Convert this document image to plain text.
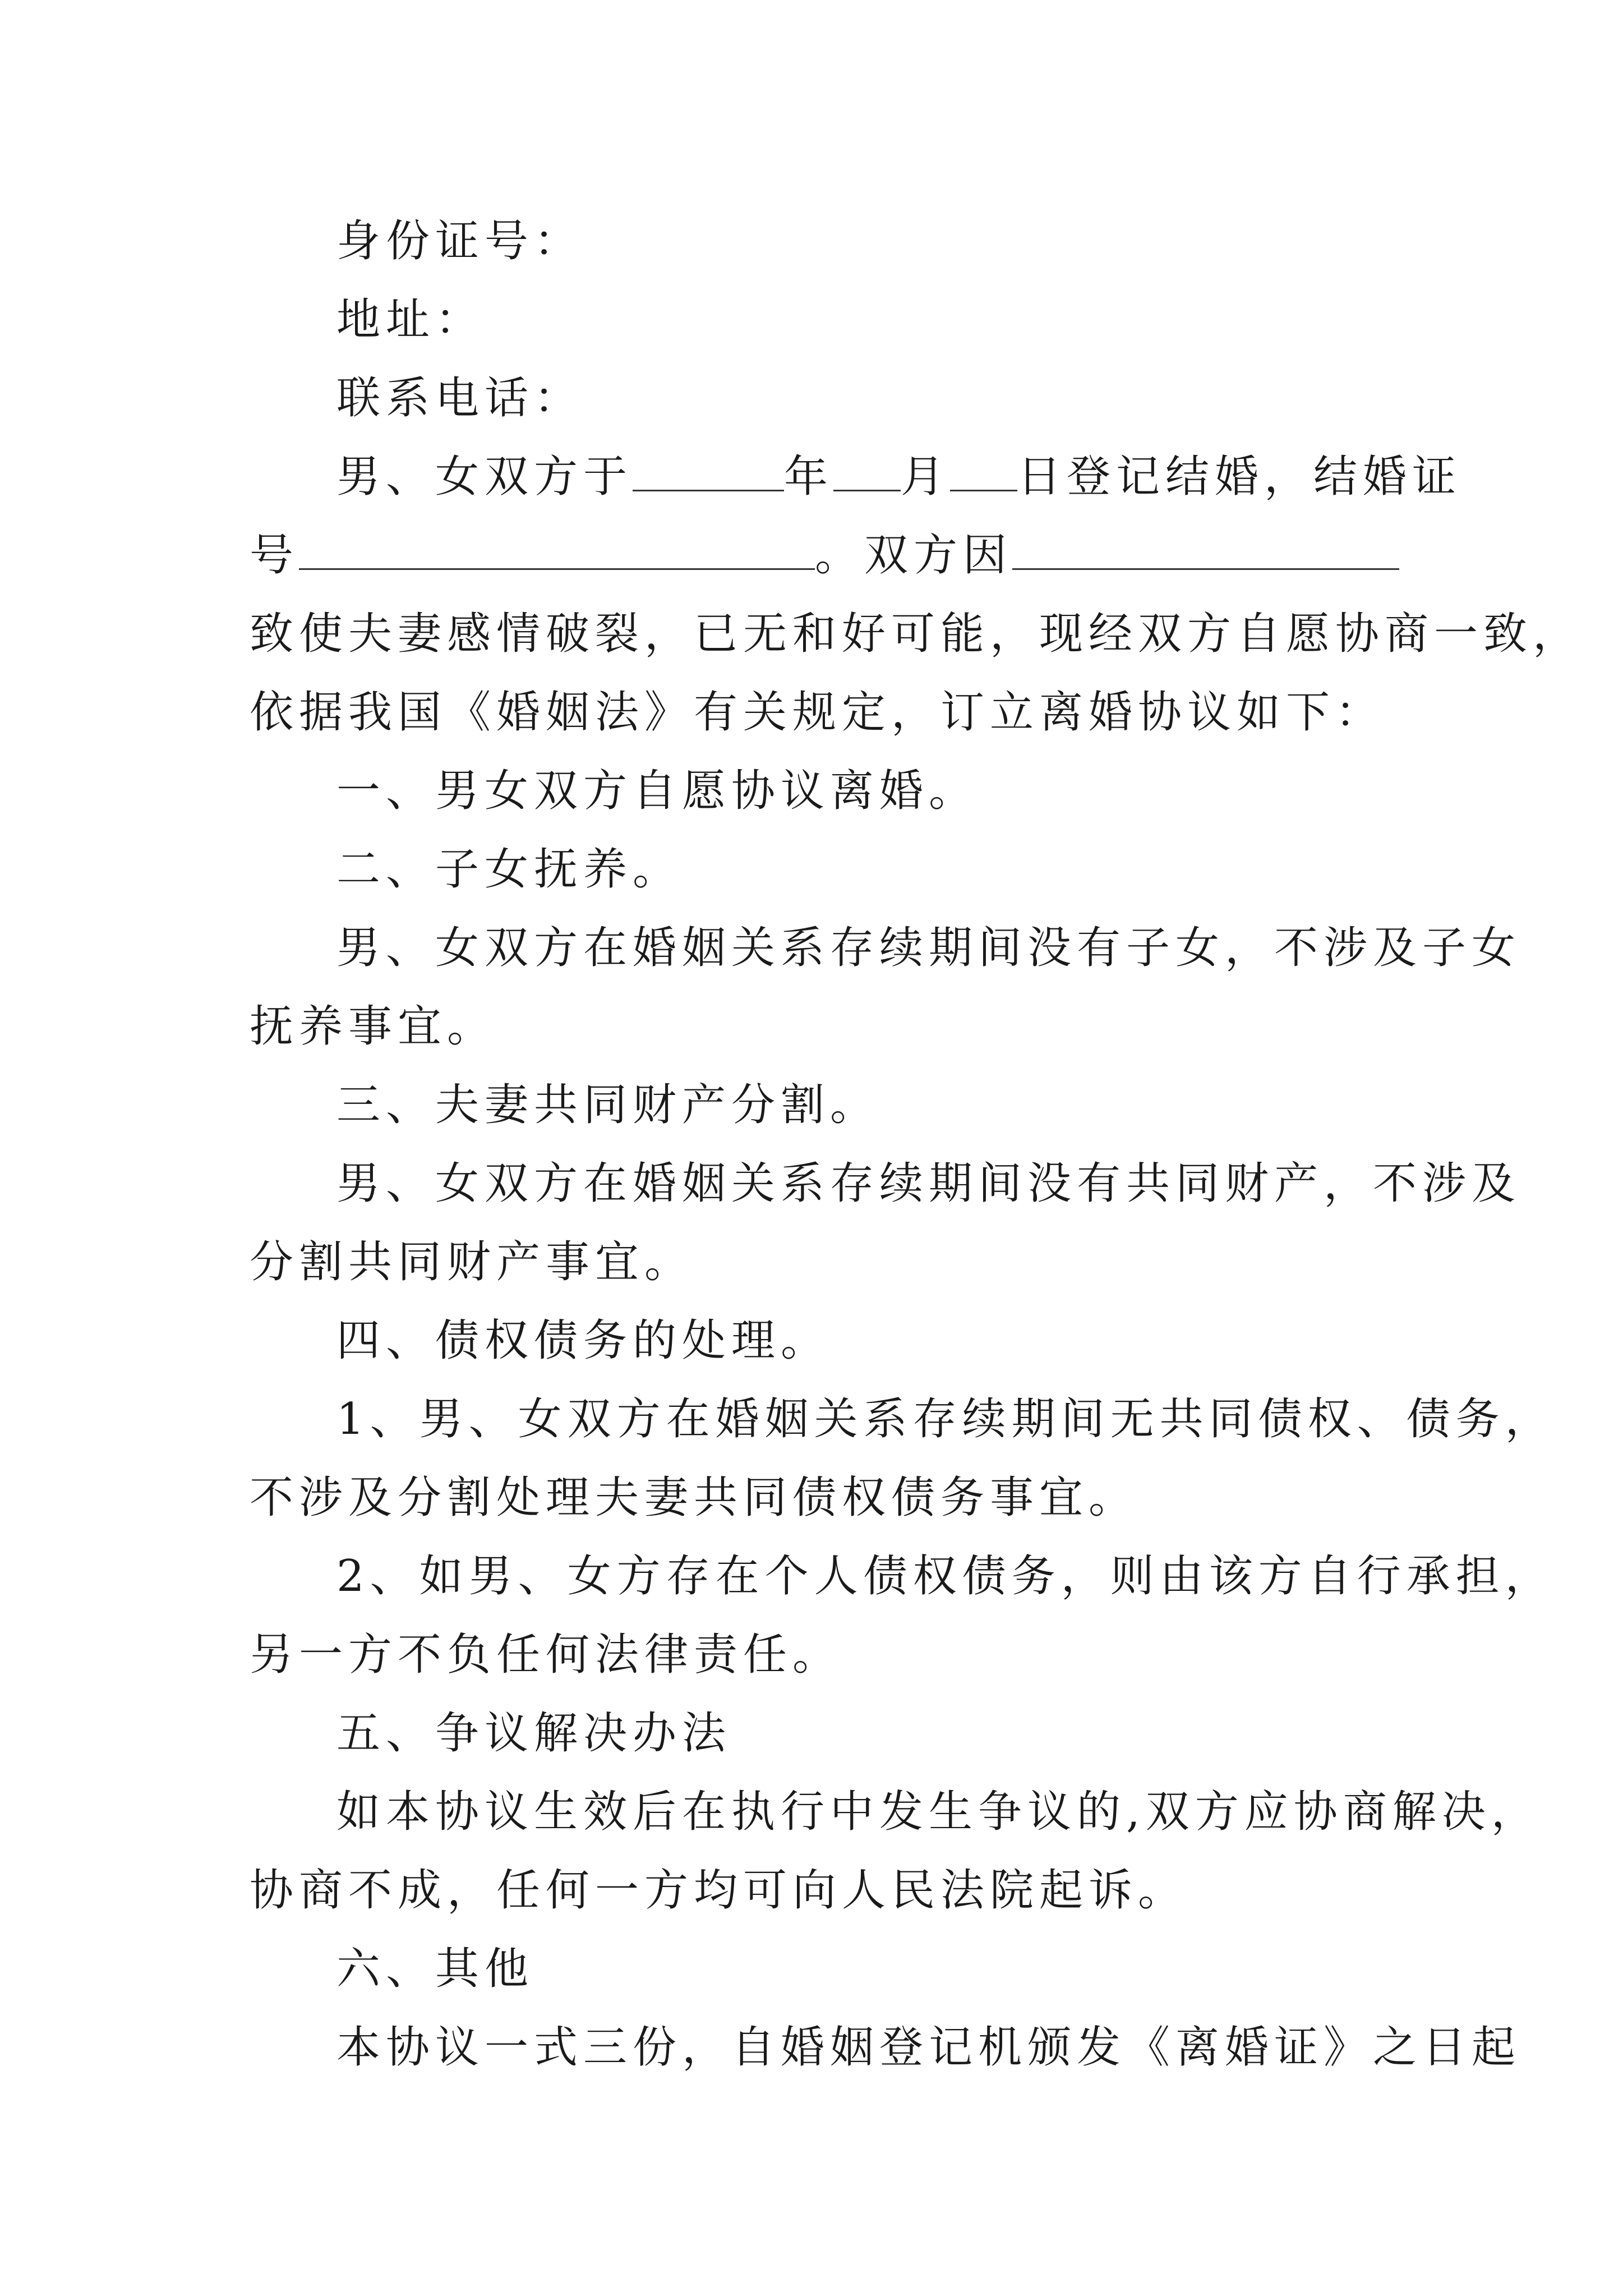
身份证号：
地址：
联系电话：
男、女双方于	年 月 日登记结婚，结婚证
号	。双方因
致使夫妻感情破裂，已无和好可能，现经双方自愿协商一致，
依据我国《婚姻法》有关规定，订立离婚协议如下：
一、男女双方自愿协议离婚。
二、子女抚养。
男、女双方在婚姻关系存续期间没有子女，不涉及子女
抚养事宜。
三、夫妻共同财产分割。
男、女双方在婚姻关系存续期间没有共同财产，不涉及
分割共同财产事宜。
四、债权债务的处理。
1、男、女双方在婚姻关系存续期间无共同债权、债务，
不涉及分割处理夫妻共同债权债务事宜。
2、如男、女方存在个人债权债务，则由该方自行承担，
另一方不负任何法律责任。
五、争议解决办法
如本协议生效后在执行中发生争议的,双方应协商解决，
协商不成，任何一方均可向人民法院起诉。
六、其他
本协议一式三份，自婚姻登记机颁发《离婚证》之日起
